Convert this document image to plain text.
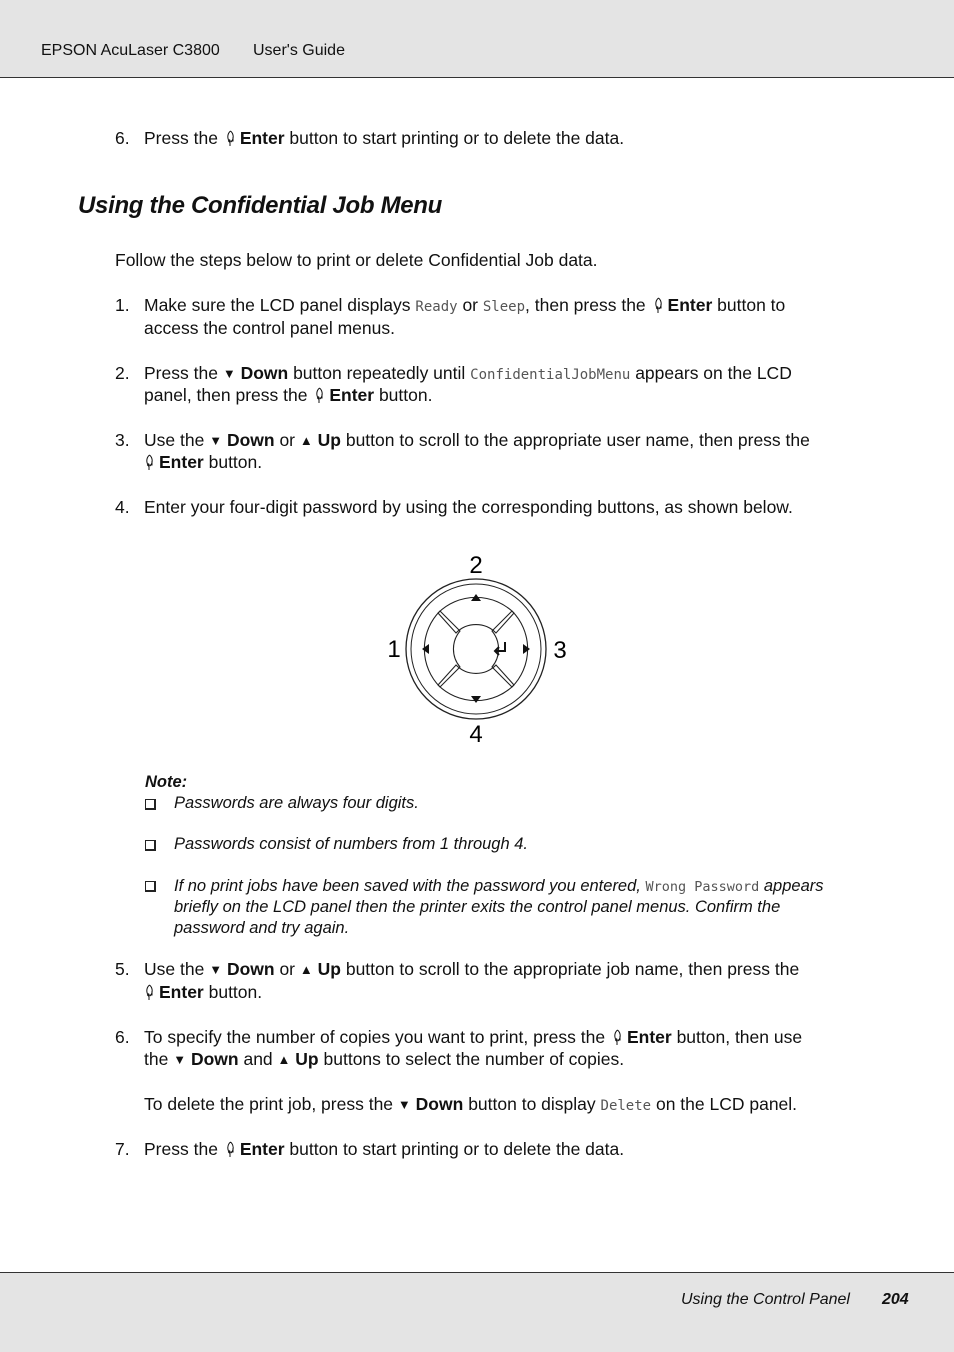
EPSON AcuLaser C3800 User's Guide
6. Press the Enter button to start printing or to delete the data.
Using the Confidential Job Menu
Follow the steps below to print or delete Confidential Job data.
1. Make sure the LCD panel displays Ready or Sleep, then press the Enter button to
access the control panel menus.
2. Press the ▼ Down button repeatedly until ConfidentialJobMenu appears on the LCD
panel, then press the Enter button.
3. Use the ▼ Down or ▲ Up button to scroll to the appropriate user name, then press the
Enter button.
4. Enter your four-digit password by using the corresponding buttons, as shown below.
2
1	3
4
Note:
Passwords are always four digits.
Passwords consist of numbers from 1 through 4.
If no print jobs have been saved with the password you entered, Wrong Password appears
briefly on the LCD panel then the printer exits the control panel menus. Confirm the
password and try again.
5. Use the ▼ Down or ▲ Up button to scroll to the appropriate job name, then press the
Enter button.
6. To specify the number of copies you want to print, press the Enter button, then use
the ▼ Down and ▲ Up buttons to select the number of copies.
To delete the print job, press the ▼ Down button to display Delete on the LCD panel.
7. Press the Enter button to start printing or to delete the data.
Using the Control Panel 204
